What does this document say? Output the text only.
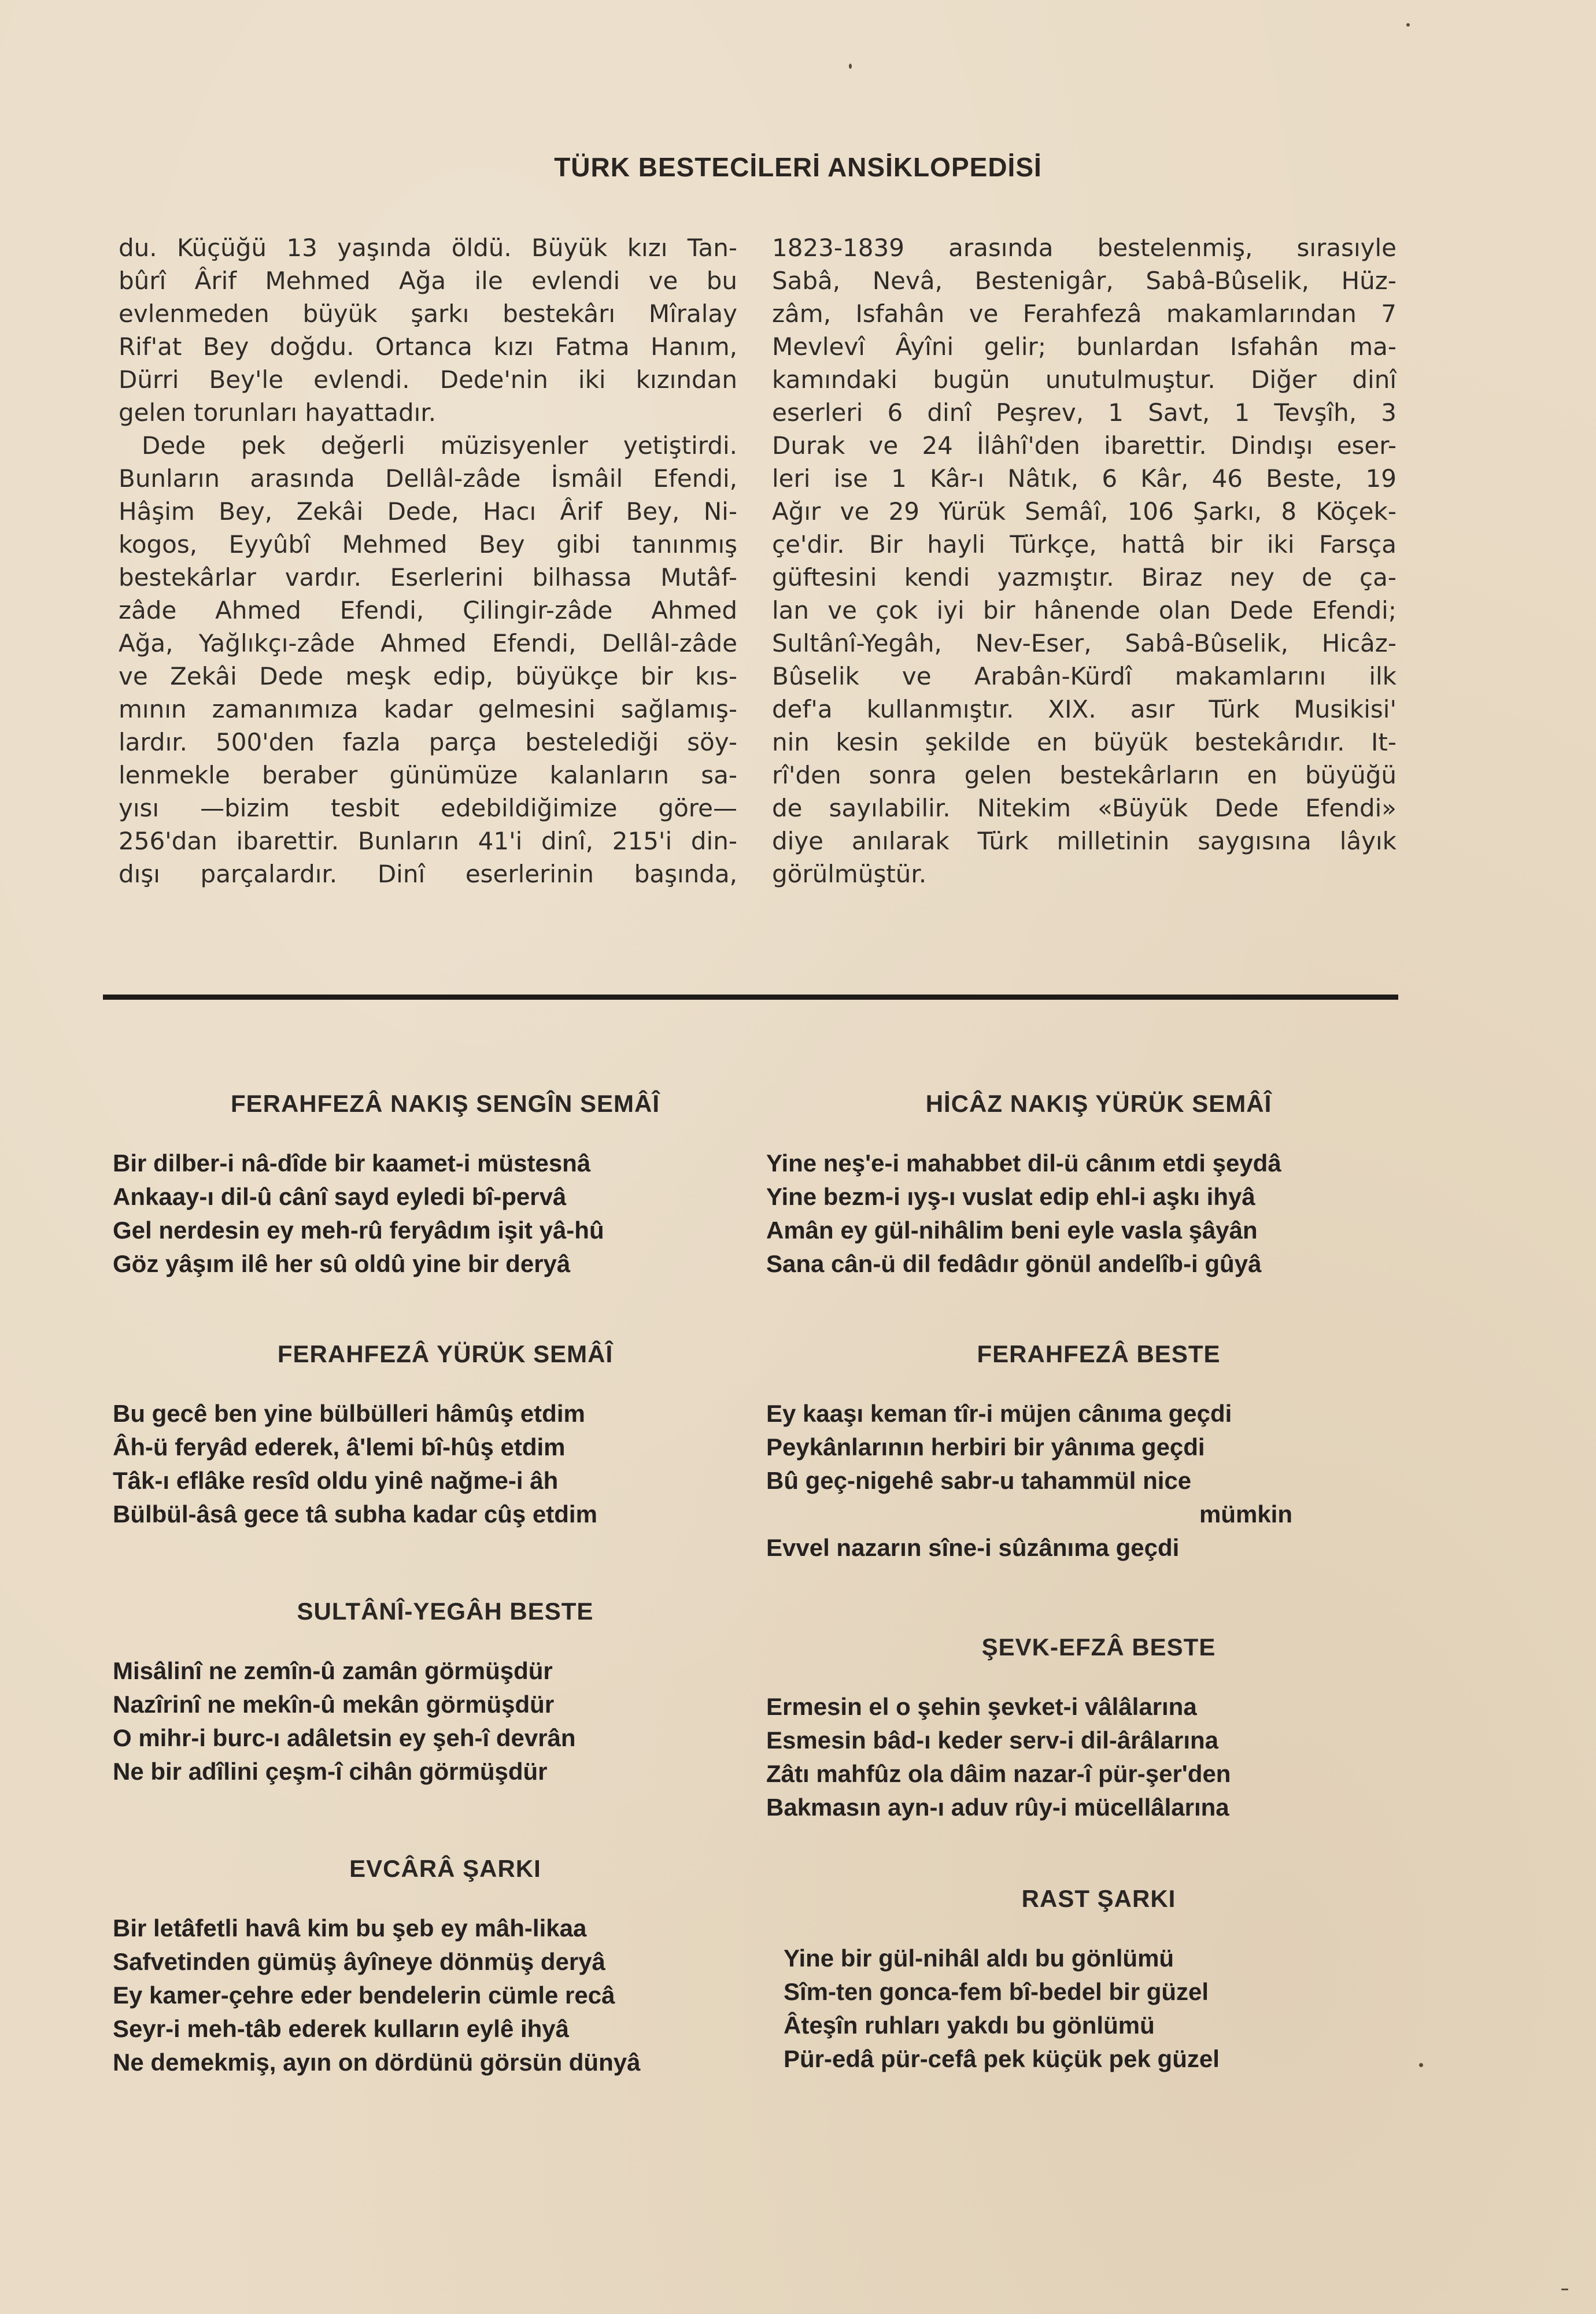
TÜRK BESTECİLERİ ANSİKLOPEDİSİ
du. Küçüğü 13 yaşında öldü. Büyük kızı Tan-
bûrî Ârif Mehmed Ağa ile evlendi ve bu
evlenmeden büyük şarkı bestekârı Mîralay
Rif'at Bey doğdu. Ortanca kızı Fatma Hanım,
Dürri Bey'le evlendi. Dede'nin iki kızından
gelen torunları hayattadır.
Dede pek değerli müzisyenler yetiştirdi.
Bunların arasında Dellâl-zâde İsmâil Efendi,
Hâşim Bey, Zekâi Dede, Hacı Ârif Bey, Ni-
kogos, Eyyûbî Mehmed Bey gibi tanınmış
bestekârlar vardır. Eserlerini bilhassa Mutâf-
zâde Ahmed Efendi, Çilingir-zâde Ahmed
Ağa, Yağlıkçı-zâde Ahmed Efendi, Dellâl-zâde
ve Zekâi Dede meşk edip, büyükçe bir kıs-
mının zamanımıza kadar gelmesini sağlamış-
lardır. 500'den fazla parça bestelediği söy-
lenmekle beraber günümüze kalanların sa-
yısı —bizim tesbit edebildiğimize göre—
256'dan ibarettir. Bunların 41'i dinî, 215'i din-
dışı parçalardır. Dinî eserlerinin başında,
1823-1839 arasında bestelenmiş, sırasıyle
Sabâ, Nevâ, Bestenigâr, Sabâ-Bûselik, Hüz-
zâm, Isfahân ve Ferahfezâ makamlarından 7
Mevlevî Âyîni gelir; bunlardan Isfahân ma-
kamındaki bugün unutulmuştur. Diğer dinî
eserleri 6 dinî Peşrev, 1 Savt, 1 Tevşîh, 3
Durak ve 24 İlâhî'den ibarettir. Dindışı eser-
leri ise 1 Kâr-ı Nâtık, 6 Kâr, 46 Beste, 19
Ağır ve 29 Yürük Semâî, 106 Şarkı, 8 Köçek-
çe'dir. Bir hayli Türkçe, hattâ bir iki Farsça
güftesini kendi yazmıştır. Biraz ney de ça-
lan ve çok iyi bir hânende olan Dede Efendi;
Sultânî-Yegâh, Nev-Eser, Sabâ-Bûselik, Hicâz-
Bûselik ve Arabân-Kürdî makamlarını ilk
def'a kullanmıştır. XIX. asır Türk Musikisi'
nin kesin şekilde en büyük bestekârıdır. It-
rî'den sonra gelen bestekârların en büyüğü
de sayılabilir. Nitekim «Büyük Dede Efendi»
diye anılarak Türk milletinin saygısına lâyık
görülmüştür.
FERAHFEZÂ NAKIŞ SENGÎN SEMÂÎ
Bir dilber-i nâ-dîde bir kaamet-i müstesnâ
Ankaay-ı dil-û cânî sayd eyledi bî-pervâ
Gel nerdesin ey meh-rû feryâdım işit yâ-hû
Göz yâşım ilê her sû oldû yine bir deryâ
FERAHFEZÂ YÜRÜK SEMÂÎ
Bu gecê ben yine bülbülleri hâmûş etdim
Âh-ü feryâd ederek, â'lemi bî-hûş etdim
Tâk-ı eflâke resîd oldu yinê nağme-i âh
Bülbül-âsâ gece tâ subha kadar cûş etdim
SULTÂNÎ-YEGÂH BESTE
Misâlinî ne zemîn-û zamân görmüşdür
Nazîrinî ne mekîn-û mekân görmüşdür
O mihr-i burc-ı adâletsin ey şeh-î devrân
Ne bir adîlini çeşm-î cihân görmüşdür
EVCÂRÂ ŞARKI
Bir letâfetli havâ kim bu şeb ey mâh-likaa
Safvetinden gümüş âyîneye dönmüş deryâ
Ey kamer-çehre eder bendelerin cümle recâ
Seyr-i meh-tâb ederek kulların eylê ihyâ
Ne demekmiş, ayın on dördünü görsün dünyâ
HİCÂZ NAKIŞ YÜRÜK SEMÂÎ
Yine neş'e-i mahabbet dil-ü cânım etdi şeydâ
Yine bezm-i ıyş-ı vuslat edip ehl-i aşkı ihyâ
Amân ey gül-nihâlim beni eyle vasla şâyân
Sana cân-ü dil fedâdır gönül andelîb-i gûyâ
FERAHFEZÂ BESTE
Ey kaaşı keman tîr-i müjen cânıma geçdi
Peykânlarının herbiri bir yânıma geçdi
Bû geç-nigehê sabr-u tahammül nice
mümkin
Evvel nazarın sîne-i sûzânıma geçdi
ŞEVK-EFZÂ BESTE
Ermesin el o şehin şevket-i vâlâlarına
Esmesin bâd-ı keder serv-i dil-ârâlarına
Zâtı mahfûz ola dâim nazar-î pür-şer'den
Bakmasın ayn-ı aduv rûy-i mücellâlarına
RAST ŞARKI
Yine bir gül-nihâl aldı bu gönlümü
Sîm-ten gonca-fem bî-bedel bir güzel
Âteşîn ruhları yakdı bu gönlümü
Pür-edâ pür-cefâ pek küçük pek güzel
